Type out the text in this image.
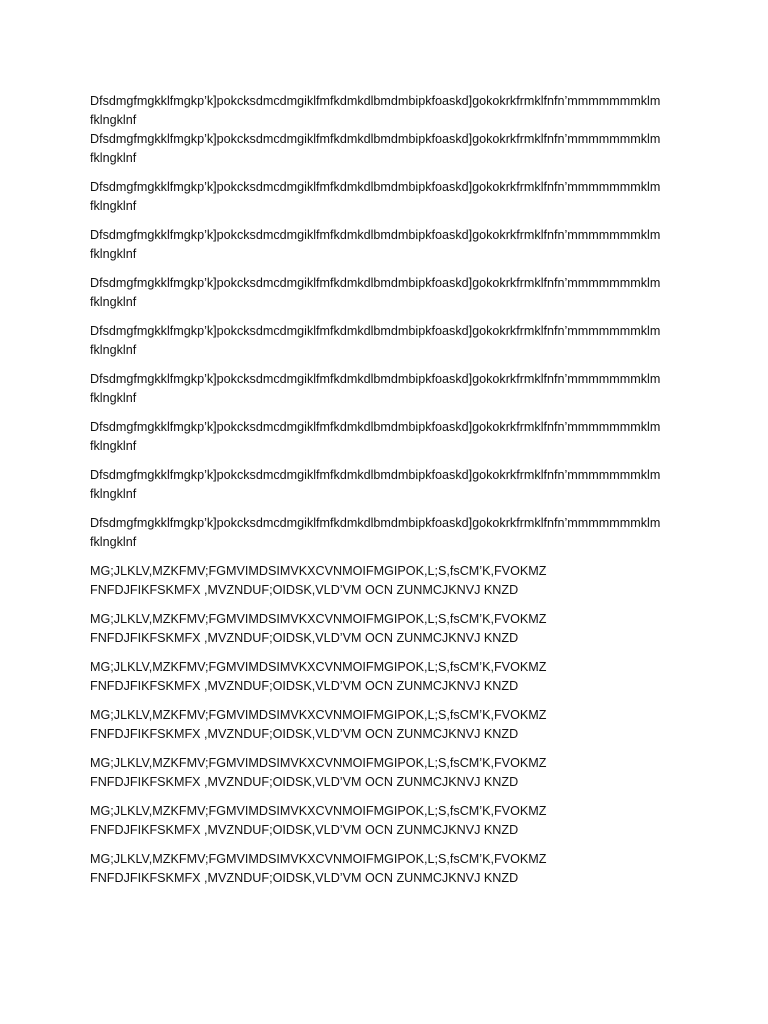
Dfsdmgfmgkklfmgkp’k]pokcksdmcdmgiklfmfkdmkdlbmdmbipkfoaskd]gokokrkfrmklfnfn’mmmmmmmklm
fklngklnf

Dfsdmgfmgkklfmgkp’k]pokcksdmcdmgiklfmfkdmkdlbmdmbipkfoaskd]gokokrkfrmklfnfn’mmmmmmmklm
fklngklnf

Dfsdmgfmgkklfmgkp’k]pokcksdmcdmgiklfmfkdmkdlbmdmbipkfoaskd]gokokrkfrmklfnfn’mmmmmmmklm
fklngklnf

Dfsdmgfmgkklfmgkp’k]pokcksdmcdmgiklfmfkdmkdlbmdmbipkfoaskd]gokokrkfrmklfnfn’mmmmmmmklm
fklngklnf

Dfsdmgfmgkklfmgkp’k]pokcksdmcdmgiklfmfkdmkdlbmdmbipkfoaskd]gokokrkfrmklfnfn’mmmmmmmklm
fklngklnf

Dfsdmgfmgkklfmgkp’k]pokcksdmcdmgiklfmfkdmkdlbmdmbipkfoaskd]gokokrkfrmklfnfn’mmmmmmmklm
fklngklnf

Dfsdmgfmgkklfmgkp’k]pokcksdmcdmgiklfmfkdmkdlbmdmbipkfoaskd]gokokrkfrmklfnfn’mmmmmmmklm
fklngklnf

Dfsdmgfmgkklfmgkp’k]pokcksdmcdmgiklfmfkdmkdlbmdmbipkfoaskd]gokokrkfrmklfnfn’mmmmmmmklm
fklngklnf

Dfsdmgfmgkklfmgkp’k]pokcksdmcdmgiklfmfkdmkdlbmdmbipkfoaskd]gokokrkfrmklfnfn’mmmmmmmklm
fklngklnf

Dfsdmgfmgkklfmgkp’k]pokcksdmcdmgiklfmfkdmkdlbmdmbipkfoaskd]gokokrkfrmklfnfn’mmmmmmmklm
fklngklnf

MG;JLKLV,MZKFMV;FGMVIMDSIMVKXCVNMOIFMGIPOK,L;S,fsCM’K,FVOKMZ
FNFDJFIKFSKMFX ,MVZNDUF;OIDSK,VLD’VM OCN ZUNMCJKNVJ KNZD

MG;JLKLV,MZKFMV;FGMVIMDSIMVKXCVNMOIFMGIPOK,L;S,fsCM’K,FVOKMZ
FNFDJFIKFSKMFX ,MVZNDUF;OIDSK,VLD’VM OCN ZUNMCJKNVJ KNZD

MG;JLKLV,MZKFMV;FGMVIMDSIMVKXCVNMOIFMGIPOK,L;S,fsCM’K,FVOKMZ
FNFDJFIKFSKMFX ,MVZNDUF;OIDSK,VLD’VM OCN ZUNMCJKNVJ KNZD

MG;JLKLV,MZKFMV;FGMVIMDSIMVKXCVNMOIFMGIPOK,L;S,fsCM’K,FVOKMZ
FNFDJFIKFSKMFX ,MVZNDUF;OIDSK,VLD’VM OCN ZUNMCJKNVJ KNZD

MG;JLKLV,MZKFMV;FGMVIMDSIMVKXCVNMOIFMGIPOK,L;S,fsCM’K,FVOKMZ
FNFDJFIKFSKMFX ,MVZNDUF;OIDSK,VLD’VM OCN ZUNMCJKNVJ KNZD

MG;JLKLV,MZKFMV;FGMVIMDSIMVKXCVNMOIFMGIPOK,L;S,fsCM’K,FVOKMZ
FNFDJFIKFSKMFX ,MVZNDUF;OIDSK,VLD’VM OCN ZUNMCJKNVJ KNZD

MG;JLKLV,MZKFMV;FGMVIMDSIMVKXCVNMOIFMGIPOK,L;S,fsCM’K,FVOKMZ
FNFDJFIKFSKMFX ,MVZNDUF;OIDSK,VLD’VM OCN ZUNMCJKNVJ KNZD
